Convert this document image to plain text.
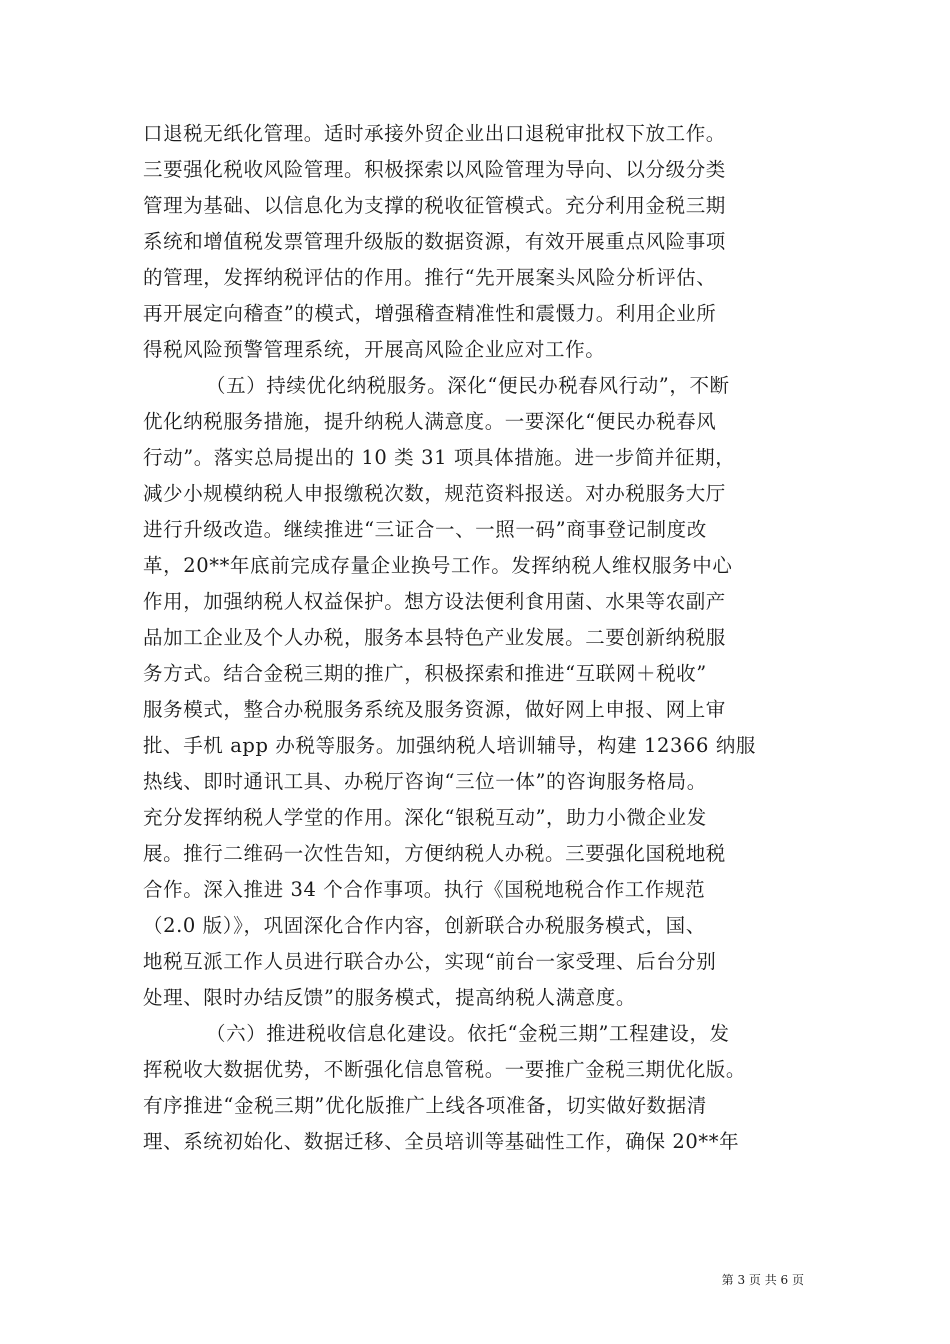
口退税无纸化管理。适时承接外贸企业出口退税审批权下放工作。
三要强化税收风险管理。积极探索以风险管理为导向、以分级分类
管理为基础、以信息化为支撑的税收征管模式。充分利用金税三期
系统和增值税发票管理升级版的数据资源，有效开展重点风险事项
的管理，发挥纳税评估的作用。推行“先开展案头风险分析评估、
再开展定向稽查”的模式，增强稽查精准性和震慑力。利用企业所
得税风险预警管理系统，开展高风险企业应对工作。
（五）持续优化纳税服务。深化“便民办税春风行动”，不断
优化纳税服务措施，提升纳税人满意度。一要深化“便民办税春风
行动”。落实总局提出的 10 类 31 项具体措施。进一步简并征期，
减少小规模纳税人申报缴税次数，规范资料报送。对办税服务大厅
进行升级改造。继续推进“三证合一、一照一码”商事登记制度改
革，20**年底前完成存量企业换号工作。发挥纳税人维权服务中心
作用，加强纳税人权益保护。想方设法便利食用菌、水果等农副产
品加工企业及个人办税，服务本县特色产业发展。二要创新纳税服
务方式。结合金税三期的推广，积极探索和推进“互联网＋税收”
服务模式，整合办税服务系统及服务资源，做好网上申报、网上审
批、手机 app 办税等服务。加强纳税人培训辅导，构建 12366 纳服
热线、即时通讯工具、办税厅咨询“三位一体”的咨询服务格局。
充分发挥纳税人学堂的作用。深化“银税互动”，助力小微企业发
展。推行二维码一次性告知，方便纳税人办税。三要强化国税地税
合作。深入推进 34 个合作事项。执行《国税地税合作工作规范
（2.0 版）》，巩固深化合作内容，创新联合办税服务模式，国、
地税互派工作人员进行联合办公，实现“前台一家受理、后台分别
处理、限时办结反馈”的服务模式，提高纳税人满意度。
（六）推进税收信息化建设。依托“金税三期”工程建设，发
挥税收大数据优势，不断强化信息管税。一要推广金税三期优化版。
有序推进“金税三期”优化版推广上线各项准备，切实做好数据清
理、系统初始化、数据迁移、全员培训等基础性工作，确保 20**年
第 3 页 共 6 页
